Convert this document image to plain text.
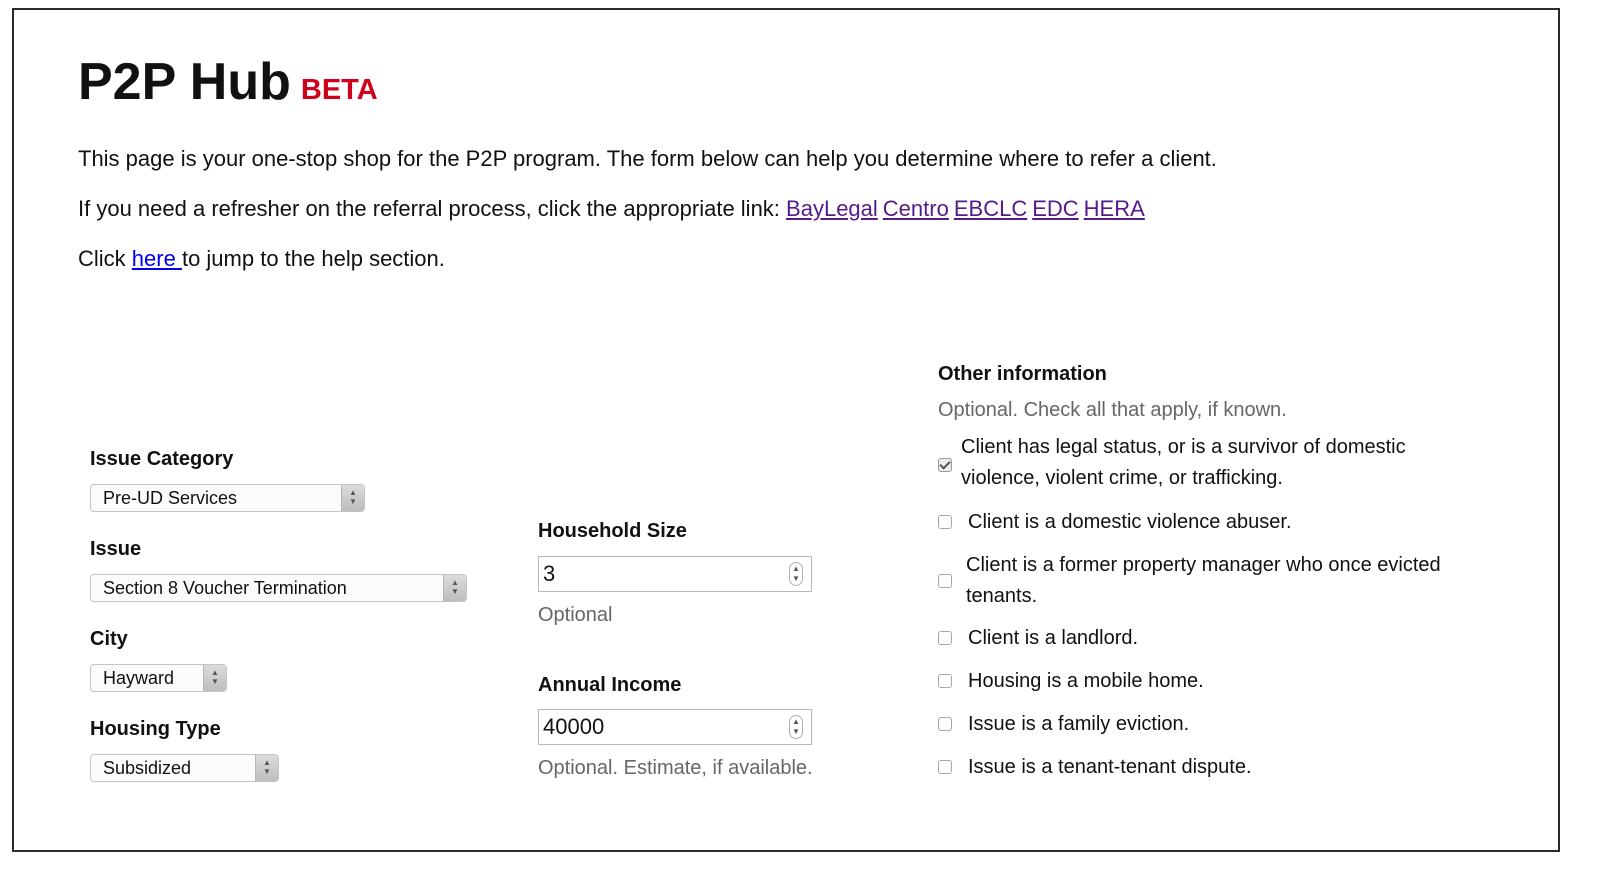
P2P Hub BETA
This page is your one-stop shop for the P2P program. The form below can help you determine where to refer a client.
If you need a refresher on the referral process, click the appropriate link: BayLegal Centro EBCLC EDC HERA
Click here to jump to the help section.
Issue Category
Pre-UD Services	▲
▼
Issue
Section 8 Voucher Termination	▲
▼
City
Hayward	▲
▼
Housing Type
Subsidized	▲
▼
Household Size
3	▲
▼
Optional
Annual Income
40000	▲
▼
Optional. Estimate, if available.
Other information
Optional. Check all that apply, if known.
Client has legal status, or is a survivor of domestic violence, violent crime, or trafficking.
Client is a domestic violence abuser.
Client is a former property manager who once evicted tenants.
Client is a landlord.
Housing is a mobile home.
Issue is a family eviction.
Issue is a tenant-tenant dispute.
